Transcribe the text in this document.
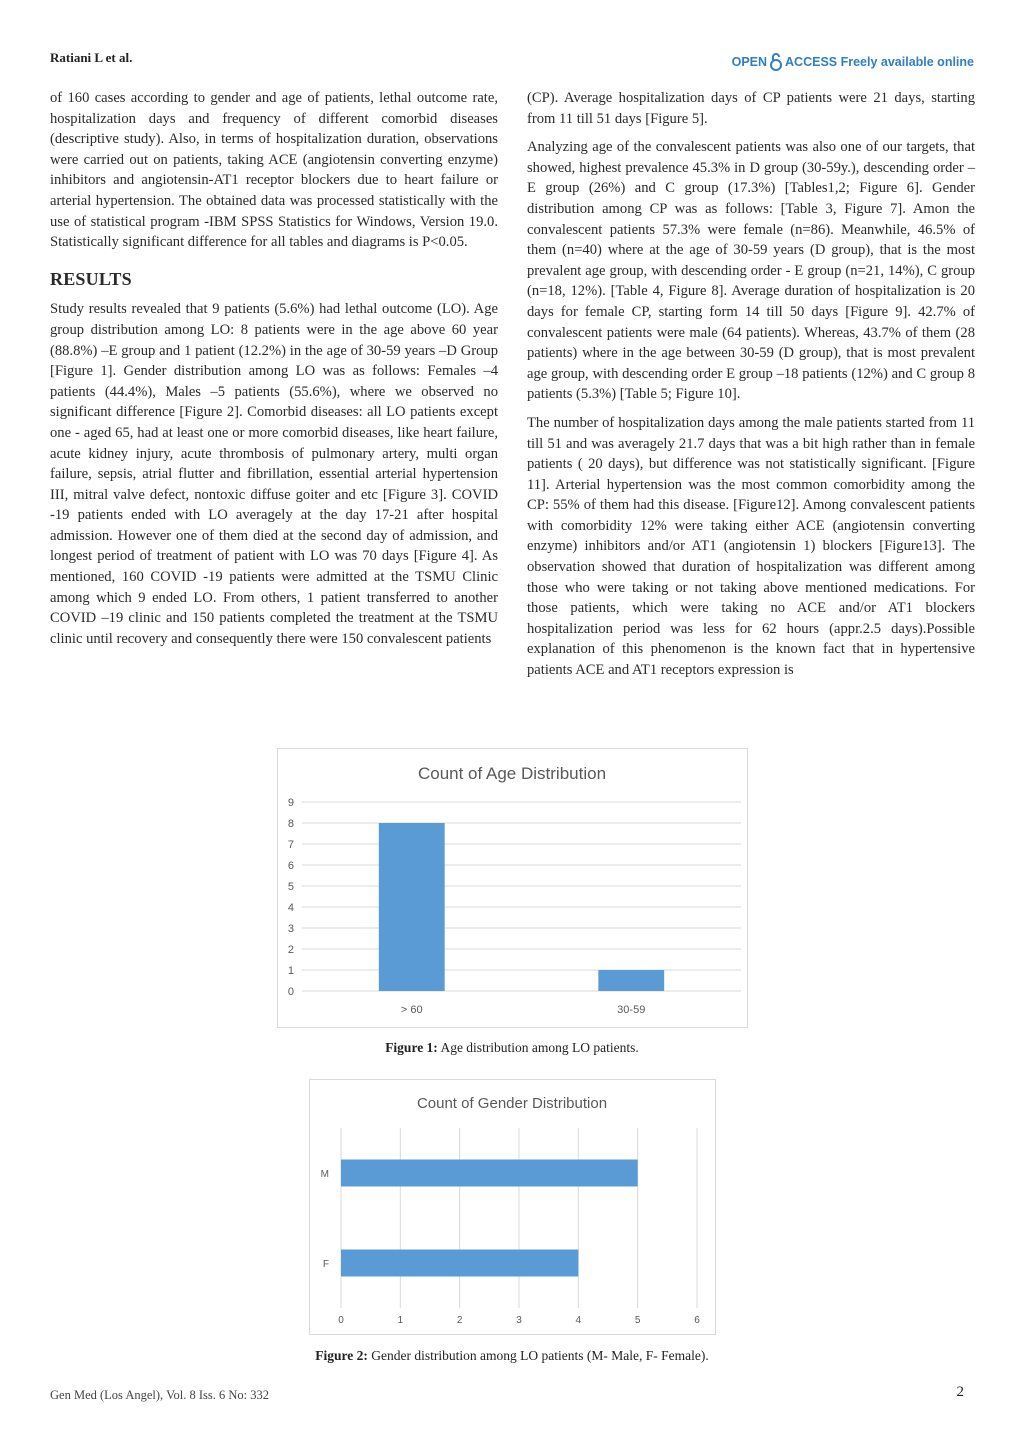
Ratiani L et al.	OPEN ACCESS Freely available online

of 160 cases according to gender and age of patients, lethal outcome rate, hospitalization days and frequency of different comorbid diseases (descriptive study). Also, in terms of hospitalization duration, observations were carried out on patients, taking ACE (angiotensin converting enzyme) inhibitors and angiotensin-AT1 receptor blockers due to heart failure or arterial hypertension. The obtained data was processed statistically with the use of statistical program -IBM SPSS Statistics for Windows, Version 19.0. Statistically significant difference for all tables and diagrams is P<0.05.

RESULTS

Study results revealed that 9 patients (5.6%) had lethal outcome (LO). Age group distribution among LO: 8 patients were in the age above 60 year (88.8%) –E group and 1 patient (12.2%) in the age of 30-59 years –D Group [Figure 1]. Gender distribution among LO was as follows: Females –4 patients (44.4%), Males –5 patients (55.6%), where we observed no significant difference [Figure 2]. Comorbid diseases: all LO patients except one - aged 65, had at least one or more comorbid diseases, like heart failure, acute kidney injury, acute thrombosis of pulmonary artery, multi organ failure, sepsis, atrial flutter and fibrillation, essential arterial hypertension III, mitral valve defect, nontoxic diffuse goiter and etc [Figure 3]. COVID -19 patients ended with LO averagely at the day 17-21 after hospital admission. However one of them died at the second day of admission, and longest period of treatment of patient with LO was 70 days [Figure 4]. As mentioned, 160 COVID -19 patients were admitted at the TSMU Clinic among which 9 ended LO. From others, 1 patient transferred to another COVID –19 clinic and 150 patients completed the treatment at the TSMU clinic until recovery and consequently there were 150 convalescent patients

(CP). Average hospitalization days of CP patients were 21 days, starting from 11 till 51 days [Figure 5].

Analyzing age of the convalescent patients was also one of our targets, that showed, highest prevalence 45.3% in D group (30-59y.), descending order – E group (26%) and C group (17.3%) [Tables1,2; Figure 6]. Gender distribution among CP was as follows: [Table 3, Figure 7]. Amon the convalescent patients 57.3% were female (n=86). Meanwhile, 46.5% of them (n=40) where at the age of 30-59 years (D group), that is the most prevalent age group, with descending order - E group (n=21, 14%), C group (n=18, 12%). [Table 4, Figure 8]. Average duration of hospitalization is 20 days for female CP, starting form 14 till 50 days [Figure 9]. 42.7% of convalescent patients were male (64 patients). Whereas, 43.7% of them (28 patients) where in the age between 30-59 (D group), that is most prevalent age group, with descending order E group –18 patients (12%) and C group 8 patients (5.3%) [Table 5; Figure 10].

The number of hospitalization days among the male patients started from 11 till 51 and was averagely 21.7 days that was a bit high rather than in female patients ( 20 days), but difference was not statistically significant. [Figure 11]. Arterial hypertension was the most common comorbidity among the CP: 55% of them had this disease. [Figure12]. Among convalescent patients with comorbidity 12% were taking either ACE (angiotensin converting enzyme) inhibitors and/or AT1 (angiotensin 1) blockers [Figure13]. The observation showed that duration of hospitalization was different among those who were taking or not taking above mentioned medications. For those patients, which were taking no ACE and/or AT1 blockers hospitalization period was less for 62 hours (appr.2.5 days).Possible explanation of this phenomenon is the known fact that in hypertensive patients ACE and AT1 receptors expression is

Count of Age Distribution
0
1
2
3
4
5
6
7
8
9
> 60	30-59
Figure 1: Age distribution among LO patients.
Count of Gender Distribution
0	1	2	3	4	5	6
M
F
Figure 2: Gender distribution among LO patients (M- Male, F- Female).
Gen Med (Los Angel), Vol. 8 Iss. 6 No: 332	2
